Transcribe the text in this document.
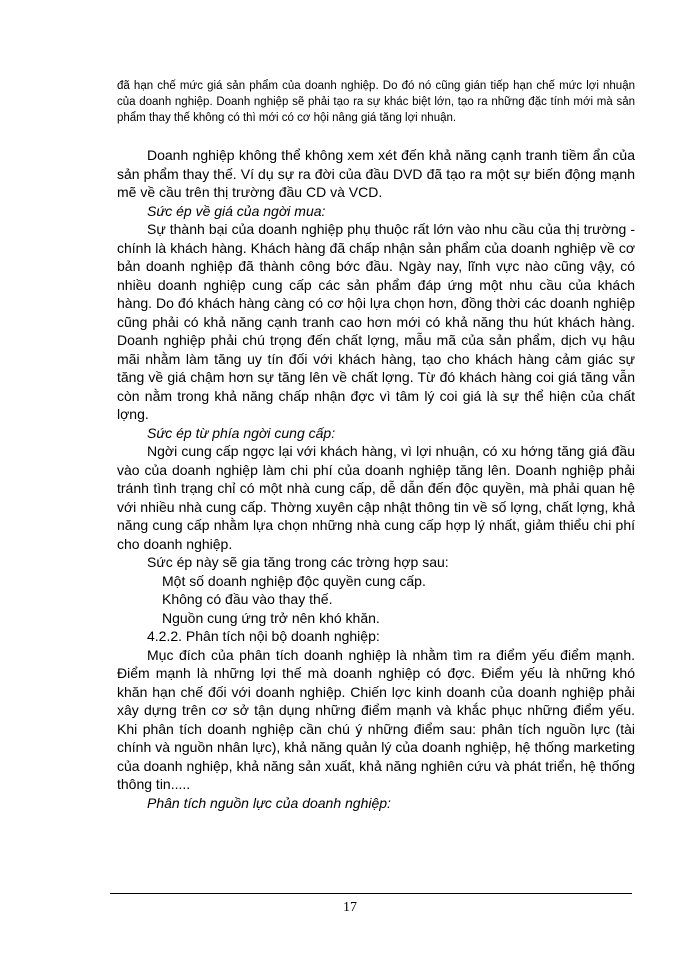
đã hạn chế mức giá sản phẩm của doanh nghiệp. Do đó nó cũng gián tiếp hạn chế mức lợi nhuận của doanh nghiệp. Doanh nghiệp sẽ phải tạo ra sự khác biệt lớn, tạo ra những đặc tính mới mà sản phẩm thay thế không có thì mới có cơ hội nâng giá tăng lợi nhuận.

Doanh nghiệp không thể không xem xét đến khả năng cạnh tranh tiềm ẩn của sản phẩm thay thế. Ví dụ sự ra đời của đầu DVD đã tạo ra một sự biến động mạnh mẽ về cầu trên thị trường đầu CD và VCD.

Sức ép về giá của ngời mua:

Sự thành bại của doanh nghiệp phụ thuộc rất lớn vào nhu cầu của thị trường - chính là khách hàng. Khách hàng đã chấp nhận sản phẩm của doanh nghiệp về cơ bản doanh nghiệp đã thành công bớc đầu. Ngày nay, lĩnh vực nào cũng vậy, có nhiều doanh nghiệp cung cấp các sản phẩm đáp ứng một nhu cầu của khách hàng. Do đó khách hàng càng có cơ hội lựa chọn hơn, đồng thời các doanh nghiệp cũng phải có khả năng cạnh tranh cao hơn mới có khả năng thu hút khách hàng. Doanh nghiệp phải chú trọng đến chất lợng, mẫu mã của sản phẩm, dịch vụ hậu mãi nhằm làm tăng uy tín đối với khách hàng, tạo cho khách hàng cảm giác sự tăng về giá chậm hơn sự tăng lên về chất lợng. Từ đó khách hàng coi giá tăng vẫn còn nằm trong khả năng chấp nhận đợc vì tâm lý coi giá là sự thể hiện của chất lợng.

Sức ép từ phía ngời cung cấp:

Ngời cung cấp ngợc lại với khách hàng, vì lợi nhuận, có xu hớng tăng giá đầu vào của doanh nghiệp làm chi phí của doanh nghiệp tăng lên. Doanh nghiệp phải tránh tình trạng chỉ có một nhà cung cấp, dễ dẫn đến độc quyền, mà phải quan hệ với nhiều nhà cung cấp. Thờng xuyên cập nhật thông tin về số lợng, chất lợng, khả năng cung cấp nhằm lựa chọn những nhà cung cấp hợp lý nhất, giảm thiểu chi phí cho doanh nghiệp.

Sức ép này sẽ gia tăng trong các trờng hợp sau:

Một số doanh nghiệp độc quyền cung cấp.

Không có đầu vào thay thế.

Nguồn cung ứng trở nên khó khăn.

4.2.2. Phân tích nội bộ doanh nghiệp:

Mục đích của phân tích doanh nghiệp là nhằm tìm ra điểm yếu điểm mạnh. Điểm mạnh là những lợi thế mà doanh nghiệp có đợc. Điểm yếu là những khó khăn hạn chế đối với doanh nghiệp. Chiến lợc kinh doanh của doanh nghiệp phải xây dựng trên cơ sở tận dụng những điểm mạnh và khắc phục những điểm yếu. Khi phân tích doanh nghiệp cần chú ý những điểm sau: phân tích nguồn lực (tài chính và nguồn nhân lực), khả năng quản lý của doanh nghiệp, hệ thống marketing của doanh nghiệp, khả năng sản xuất, khả năng nghiên cứu và phát triển, hệ thống thông tin.....

Phân tích nguồn lực của doanh nghiệp:

17
